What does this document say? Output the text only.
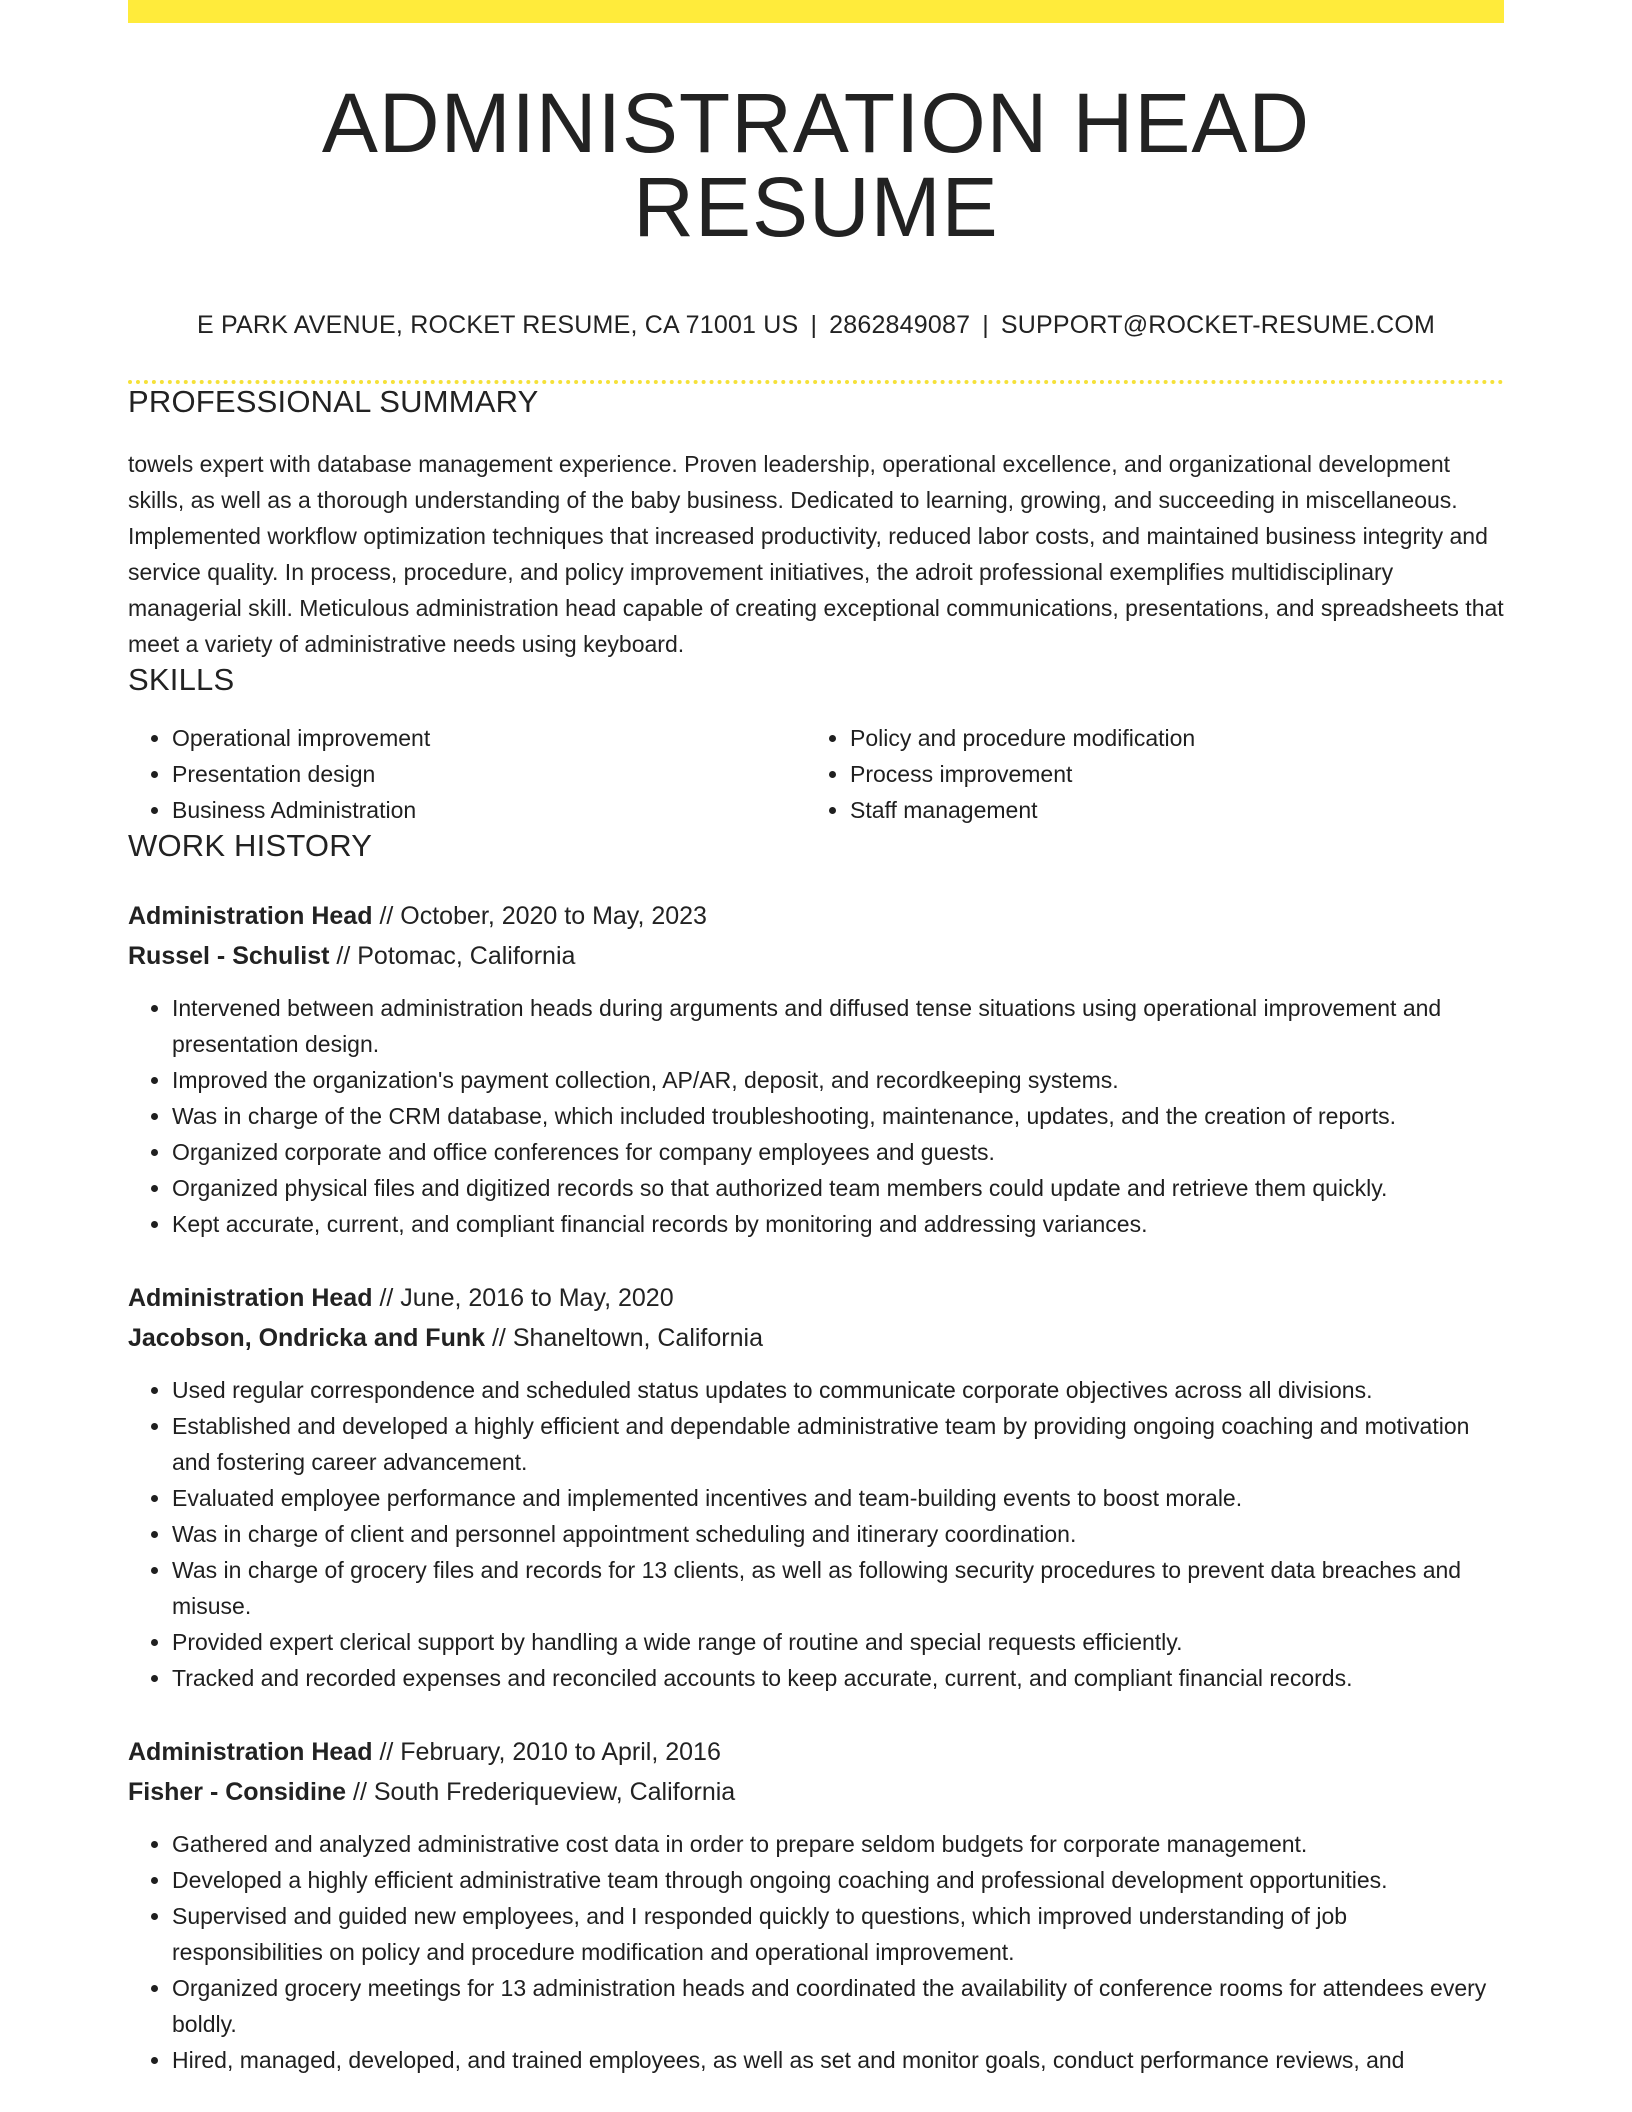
ADMINISTRATION HEAD RESUME
E PARK AVENUE, ROCKET RESUME, CA 71001 US | 2862849087 | SUPPORT@ROCKET-RESUME.COM
PROFESSIONAL SUMMARY
towels expert with database management experience. Proven leadership, operational excellence, and organizational development skills, as well as a thorough understanding of the baby business. Dedicated to learning, growing, and succeeding in miscellaneous. Implemented workflow optimization techniques that increased productivity, reduced labor costs, and maintained business integrity and service quality. In process, procedure, and policy improvement initiatives, the adroit professional exemplifies multidisciplinary managerial skill. Meticulous administration head capable of creating exceptional communications, presentations, and spreadsheets that meet a variety of administrative needs using keyboard.
SKILLS
• Operational improvement
• Presentation design
• Business Administration
• Policy and procedure modification
• Process improvement
• Staff management
WORK HISTORY
Administration Head // October, 2020 to May, 2023
Russel - Schulist // Potomac, California
• Intervened between administration heads during arguments and diffused tense situations using operational improvement and presentation design.
• Improved the organization's payment collection, AP/AR, deposit, and recordkeeping systems.
• Was in charge of the CRM database, which included troubleshooting, maintenance, updates, and the creation of reports.
• Organized corporate and office conferences for company employees and guests.
• Organized physical files and digitized records so that authorized team members could update and retrieve them quickly.
• Kept accurate, current, and compliant financial records by monitoring and addressing variances.
Administration Head // June, 2016 to May, 2020
Jacobson, Ondricka and Funk // Shaneltown, California
• Used regular correspondence and scheduled status updates to communicate corporate objectives across all divisions.
• Established and developed a highly efficient and dependable administrative team by providing ongoing coaching and motivation and fostering career advancement.
• Evaluated employee performance and implemented incentives and team-building events to boost morale.
• Was in charge of client and personnel appointment scheduling and itinerary coordination.
• Was in charge of grocery files and records for 13 clients, as well as following security procedures to prevent data breaches and misuse.
• Provided expert clerical support by handling a wide range of routine and special requests efficiently.
• Tracked and recorded expenses and reconciled accounts to keep accurate, current, and compliant financial records.
Administration Head // February, 2010 to April, 2016
Fisher - Considine // South Frederiqueview, California
• Gathered and analyzed administrative cost data in order to prepare seldom budgets for corporate management.
• Developed a highly efficient administrative team through ongoing coaching and professional development opportunities.
• Supervised and guided new employees, and I responded quickly to questions, which improved understanding of job responsibilities on policy and procedure modification and operational improvement.
• Organized grocery meetings for 13 administration heads and coordinated the availability of conference rooms for attendees every boldly.
• Hired, managed, developed, and trained employees, as well as set and monitor goals, conduct performance reviews, and
